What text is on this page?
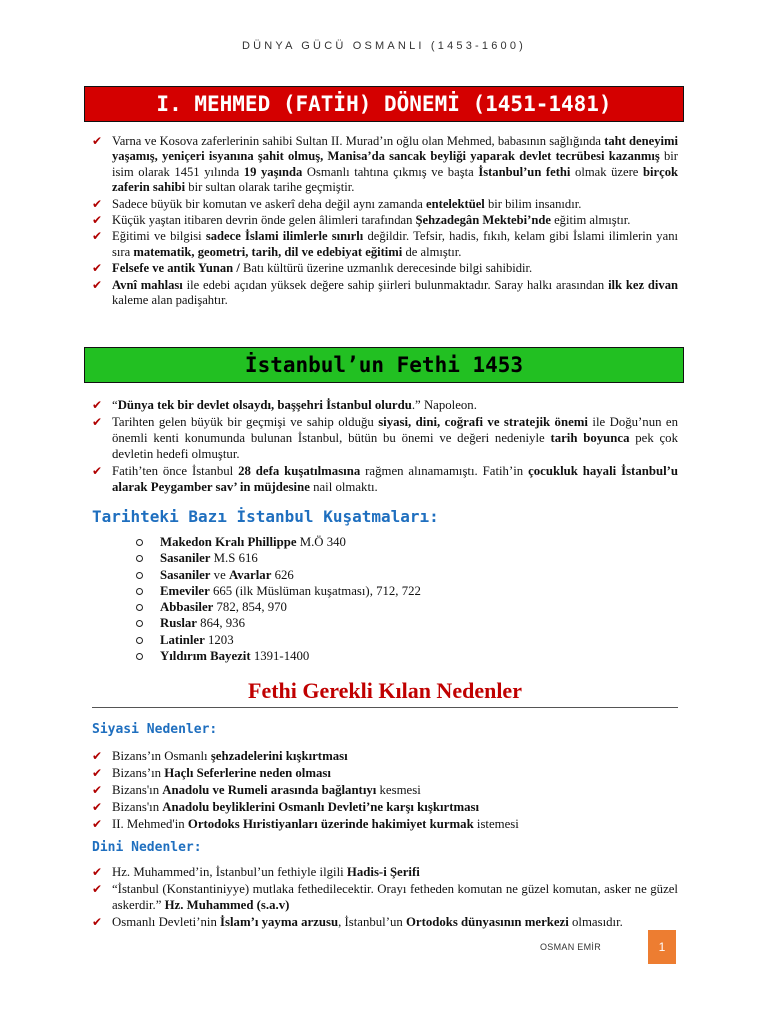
DÜNYA GÜCÜ OSMANLI (1453-1600)
I. MEHMED (FATİH) DÖNEMİ (1451-1481)
✔ Varna ve Kosova zaferlerinin sahibi Sultan II. Murad’ın oğlu olan Mehmed, babasının sağlığında taht deneyimi yaşamış, yeniçeri isyanına şahit olmuş, Manisa’da sancak beyliği yaparak devlet tecrübesi kazanmış bir isim olarak 1451 yılında 19 yaşında Osmanlı tahtına çıkmış ve başta İstanbul’un fethi olmak üzere birçok zaferin sahibi bir sultan olarak tarihe geçmiştir.
✔ Sadece büyük bir komutan ve askerî deha değil aynı zamanda entelektüel bir bilim insanıdır.
✔ Küçük yaştan itibaren devrin önde gelen âlimleri tarafından Şehzadegân Mektebi’nde eğitim almıştır.
✔ Eğitimi ve bilgisi sadece İslami ilimlerle sınırlı değildir. Tefsir, hadis, fıkıh, kelam gibi İslami ilimlerin yanı sıra matematik, geometri, tarih, dil ve edebiyat eğitimi de almıştır.
✔ Felsefe ve antik Yunan / Batı kültürü üzerine uzmanlık derecesinde bilgi sahibidir.
✔ Avnî mahlası ile edebi açıdan yüksek değere sahip şiirleri bulunmaktadır. Saray halkı arasından ilk kez divan kaleme alan padişahtır.
İstanbul’un Fethi 1453
✔ “Dünya tek bir devlet olsaydı, başşehri İstanbul olurdu.” Napoleon.
✔ Tarihten gelen büyük bir geçmişi ve sahip olduğu siyasi, dini, coğrafi ve stratejik önemi ile Doğu’nun en önemli kenti konumunda bulunan İstanbul, bütün bu önemi ve değeri nedeniyle tarih boyunca pek çok devletin hedefi olmuştur.
✔ Fatih’ten önce İstanbul 28 defa kuşatılmasına rağmen alınamamıştı. Fatih’in çocukluk hayali İstanbul’u alarak Peygamber sav’ in müjdesine nail olmaktı.
Tarihteki Bazı İstanbul Kuşatmaları:
Makedon Kralı Phillippe M.Ö 340
Sasaniler M.S 616
Sasaniler ve Avarlar 626
Emeviler 665 (ilk Müslüman kuşatması), 712, 722
Abbasiler 782, 854, 970
Ruslar 864, 936
Latinler 1203
Yıldırım Bayezit 1391-1400
Fethi Gerekli Kılan Nedenler
Siyasi Nedenler:
✔ Bizans’ın Osmanlı şehzadelerini kışkırtması
✔ Bizans’ın Haçlı Seferlerine neden olması
✔ Bizans'ın Anadolu ve Rumeli arasında bağlantıyı kesmesi
✔ Bizans'ın Anadolu beyliklerini Osmanlı Devleti’ne karşı kışkırtması
✔ II. Mehmed'in Ortodoks Hıristiyanları üzerinde hakimiyet kurmak istemesi
Dini Nedenler:
✔ Hz. Muhammed’in, İstanbul’un fethiyle ilgili Hadis-i Şerifi
✔ “İstanbul (Konstantiniyye) mutlaka fethedilecektir. Orayı fetheden komutan ne güzel komutan, asker ne güzel askerdir.” Hz. Muhammed (s.a.v)
✔ Osmanlı Devleti’nin İslam’ı yayma arzusu, İstanbul’un Ortodoks dünyasının merkezi olmasıdır.
OSMAN EMİR	1
